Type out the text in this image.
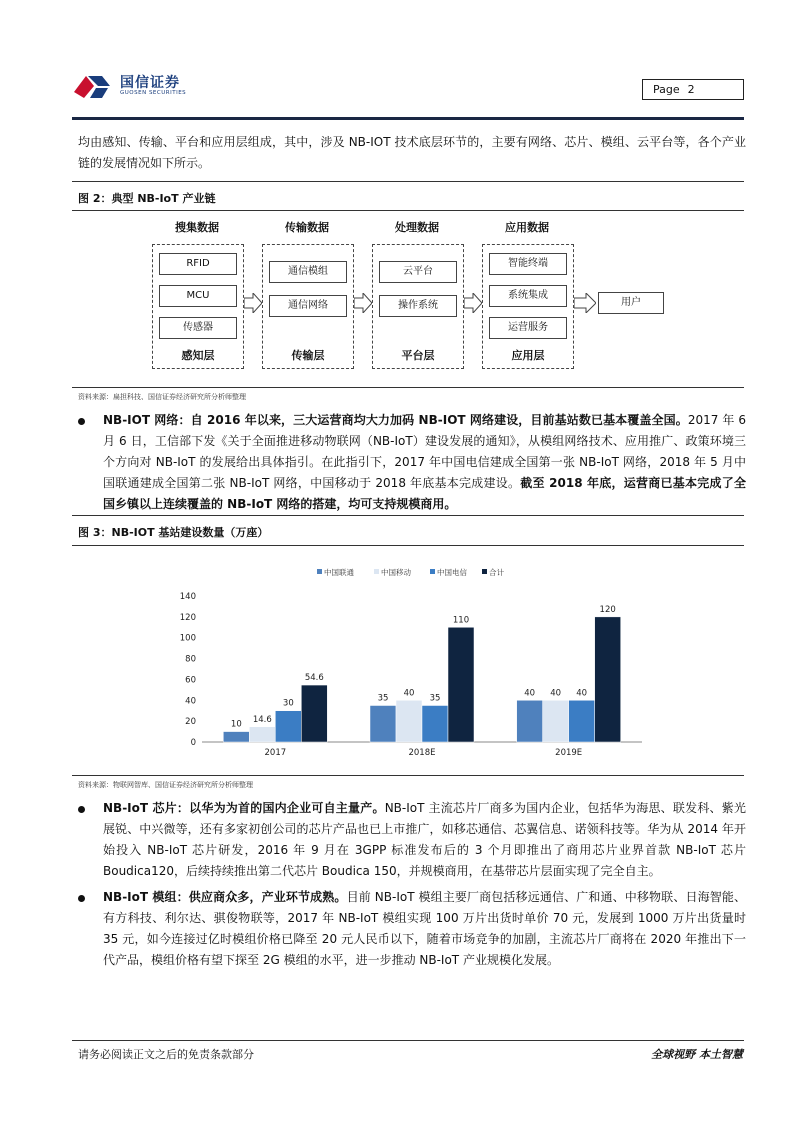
国信证券
GUOSEN SECURITIES	Page 2
均由感知、传输、平台和应用层组成，其中，涉及 NB-IOT 技术底层环节的，主要有网络、芯片、模组、云平台等，各个产业链的发展情况如下所示。
图 2：典型 NB-IoT 产业链
搜集数据
RFID
MCU
传感器
感知层
传输数据
通信模组
通信网络
传输层
处理数据
云平台
操作系统
平台层
应用数据
智能终端
系统集成
运营服务
应用层
用户
资料来源：扁担科技、国信证券经济研究所分析师整理
NB-IOT 网络：自 2016 年以来，三大运营商均大力加码 NB-IOT 网络建设，目前基站数已基本覆盖全国。2017 年 6 月 6 日，工信部下发《关于全面推进移动物联网（NB-IoT）建设发展的通知》，从模组网络技术、应用推广、政策环境三个方向对 NB-IoT 的发展给出具体指引。在此指引下，2017 年中国电信建成全国第一张 NB-IoT 网络，2018 年 5 月中国联通建成全国第二张 NB-IoT 网络，中国移动于 2018 年底基本完成建设。截至 2018 年底，运营商已基本完成了全国乡镇以上连续覆盖的 NB-IoT 网络的搭建，均可支持规模商用。
图 3：NB-IOT 基站建设数量（万座）
中国联通	中国移动	中国电信	合计
0
20
40
60
80
100
120
140
10 14.6
30
54.6
2017
35
40
35
110
2018E
40 40 40
120
2019E
资料来源：物联网智库、国信证券经济研究所分析师整理
NB-IoT 芯片：以华为为首的国内企业可自主量产。NB-IoT 主流芯片厂商多为国内企业，包括华为海思、联发科、紫光展锐、中兴微等，还有多家初创公司的芯片产品也已上市推广，如移芯通信、芯翼信息、诺领科技等。华为从 2014 年开始投入 NB-IoT 芯片研发，2016 年 9 月在 3GPP 标准发布后的 3 个月即推出了商用芯片业界首款 NB-IoT 芯片 Boudica120，后续持续推出第二代芯片 Boudica 150，并规模商用，在基带芯片层面实现了完全自主。
NB-IoT 模组：供应商众多，产业环节成熟。目前 NB-IoT 模组主要厂商包括移远通信、广和通、中移物联、日海智能、有方科技、利尔达、骐俊物联等，2017 年 NB-IoT 模组实现 100 万片出货时单价 70 元，发展到 1000 万片出货量时 35 元，如今连接过亿时模组价格已降至 20 元人民币以下，随着市场竞争的加剧，主流芯片厂商将在 2020 年推出下一代产品，模组价格有望下探至 2G 模组的水平，进一步推动 NB-IoT 产业规模化发展。
请务必阅读正文之后的免责条款部分	全球视野 本土智慧
